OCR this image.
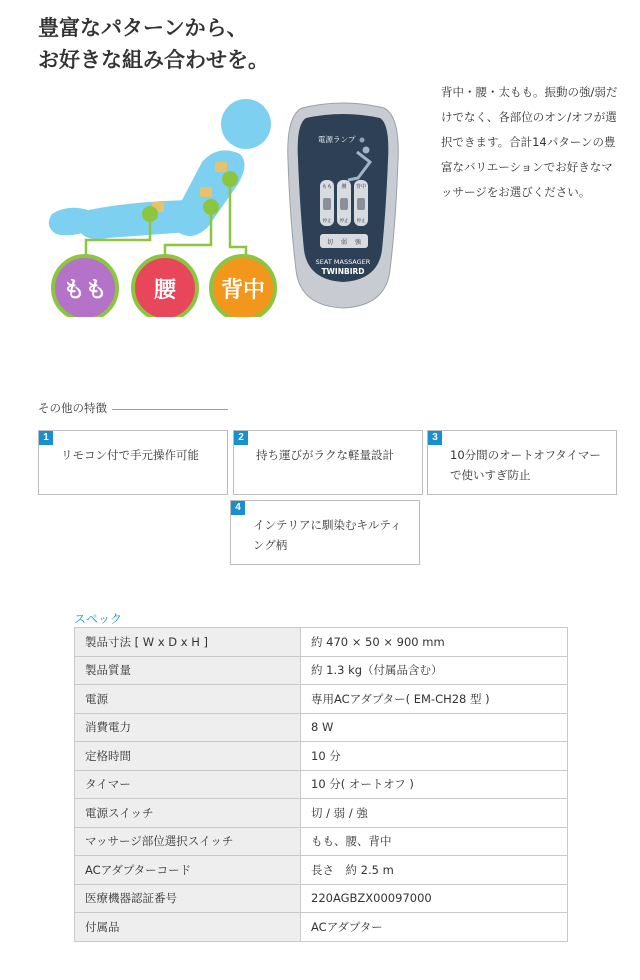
豊富なパターンから、
お好きな組み合わせを。
もも 腰 背中
電源ランプ
もも 腰 背中
停止 停止 停止
切 弱 強
SEAT MASSAGER
TWINBIRD
背中・腰・太もも。振動の強/弱だけでなく、各部位のオン/オフが選択できます。合計14パターンの豊富なバリエーションでお好きなマッサージをお選びください。
その他の特徴
1
リモコン付で手元操作可能
2
持ち運びがラクな軽量設計
3
10分間のオートオフタイマーで使いすぎ防止
4
インテリアに馴染むキルティング柄
スペック
製品寸法 [ W x D x H ]	約 470 × 50 × 900 mm
製品質量	約 1.3 kg（付属品含む）
電源	専用ACアダプター( EM-CH28 型 )
消費電力	8 W
定格時間	10 分
タイマー	10 分( オートオフ )
電源スイッチ	切 / 弱 / 強
マッサージ部位選択スイッチ	もも、腰、背中
ACアダプターコード	長さ　約 2.5 m
医療機器認証番号	220AGBZX00097000
付属品	ACアダプター
